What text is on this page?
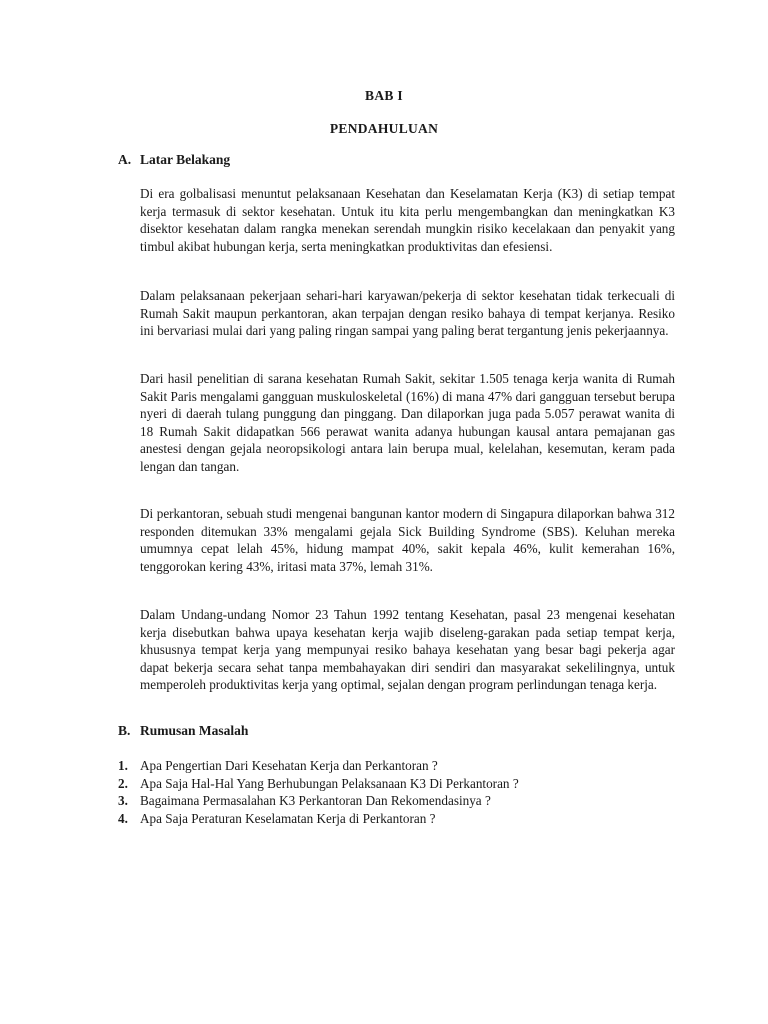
BAB I
PENDAHULUAN
A. Latar Belakang

Di era golbalisasi menuntut pelaksanaan Kesehatan dan Keselamatan Kerja (K3) di setiap tempat kerja termasuk di sektor kesehatan. Untuk itu kita perlu mengembangkan dan meningkatkan K3 disektor kesehatan dalam rangka menekan serendah mungkin risiko kecelakaan dan penyakit yang timbul akibat hubungan kerja, serta meningkatkan produktivitas dan efesiensi.

Dalam pelaksanaan pekerjaan sehari-hari karyawan/pekerja di sektor kesehatan tidak terkecuali di Rumah Sakit maupun perkantoran, akan terpajan dengan resiko bahaya di tempat kerjanya. Resiko ini bervariasi mulai dari yang paling ringan sampai yang paling berat tergantung jenis pekerjaannya.

Dari hasil penelitian di sarana kesehatan Rumah Sakit, sekitar 1.505 tenaga kerja wanita di Rumah Sakit Paris mengalami gangguan muskuloskeletal (16%) di mana 47% dari gangguan tersebut berupa nyeri di daerah tulang punggung dan pinggang. Dan dilaporkan juga pada 5.057 perawat wanita di 18 Rumah Sakit didapatkan 566 perawat wanita adanya hubungan kausal antara pemajanan gas anestesi dengan gejala neoropsikologi antara lain berupa mual, kelelahan, kesemutan, keram pada lengan dan tangan.

Di perkantoran, sebuah studi mengenai bangunan kantor modern di Singapura dilaporkan bahwa 312 responden ditemukan 33% mengalami gejala Sick Building Syndrome (SBS). Keluhan mereka umumnya cepat lelah 45%, hidung mampat 40%, sakit kepala 46%, kulit kemerahan 16%, tenggorokan kering 43%, iritasi mata 37%, lemah 31%.

Dalam Undang-undang Nomor 23 Tahun 1992 tentang Kesehatan, pasal 23 mengenai kesehatan kerja disebutkan bahwa upaya kesehatan kerja wajib diseleng-garakan pada setiap tempat kerja, khususnya tempat kerja yang mempunyai resiko bahaya kesehatan yang besar bagi pekerja agar dapat bekerja secara sehat tanpa membahayakan diri sendiri dan masyarakat sekelilingnya, untuk memperoleh produktivitas kerja yang optimal, sejalan dengan program perlindungan tenaga kerja.

B. Rumusan Masalah
1. Apa Pengertian Dari Kesehatan Kerja dan Perkantoran ?
2. Apa Saja Hal-Hal Yang Berhubungan Pelaksanaan K3 Di Perkantoran ?
3. Bagaimana Permasalahan K3 Perkantoran Dan Rekomendasinya ?
4. Apa Saja Peraturan Keselamatan Kerja di Perkantoran ?
